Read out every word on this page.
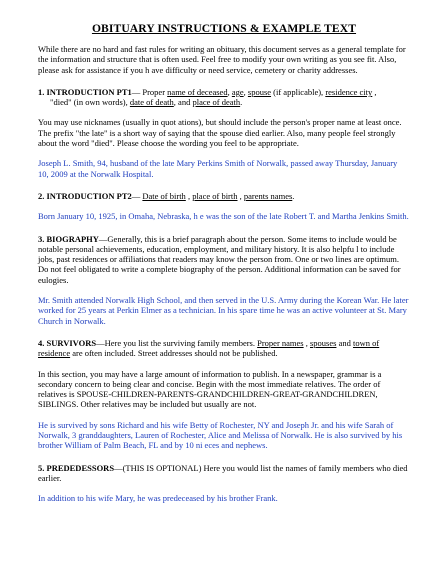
OBITUARY INSTRUCTIONS & EXAMPLE TEXT

While there are no hard and fast rules for writing an obituary, this document serves as a general template for the information and structure that is often used. Feel free to modify your own writing as you see fit. Also, please ask for assistance if you h ave difficulty or need service, cemetery or charity addresses.

1. INTRODUCTION PT1— Proper name of deceased, age, spouse (if applicable), residence city ,
"died" (in own words), date of death, and place of death.

You may use nicknames (usually in quot ations), but should include the person's proper name at least once. The prefix "the late" is a short way of saying that the spouse died earlier. Also, many people feel strongly about the word "died". Please choose the wording you feel to be appropriate.

Joseph L. Smith, 94, husband of the late Mary Perkins Smith of Norwalk, passed away Thursday, January 10, 2009 at the Norwalk Hospital.

2. INTRODUCTION PT2— Date of birth , place of birth , parents names.

Born January 10, 1925, in Omaha, Nebraska, h e was the son of the late Robert T. and Martha Jenkins Smith.

3. BIOGRAPHY—Generally, this is a brief paragraph about the person. Some items to include would be notable personal achievements, education, employment, and military history. It is also helpfu l to include jobs, past residences or affiliations that readers may know the person from. One or two lines are optimum. Do not feel obligated to write a complete biography of the person. Additional information can be saved for eulogies.

Mr. Smith attended Norwalk High School, and then served in the U.S. Army during the Korean War. He later worked for 25 years at Perkin Elmer as a technician. In his spare time he was an active volunteer at St. Mary Church in Norwalk.

4. SURVIVORS—Here you list the surviving family members. Proper names , spouses and town of residence are often included. Street addresses should not be published.

In this section, you may have a large amount of information to publish. In a newspaper, grammar is a secondary concern to being clear and concise. Begin with the most immediate relatives. The order of relatives is SPOUSE-CHILDREN-PARENTS-GRANDCHILDREN-GREAT-GRANDCHILDREN, SIBLINGS. Other relatives may be included but usually are not.

He is survived by sons Richard and his wife Betty of Rochester, NY and Joseph Jr. and his wife Sarah of Norwalk, 3 granddaughters, Lauren of Rochester, Alice and Melissa of Norwalk. He is also survived by his brother William of Palm Beach, FL and by 10 ni eces and nephews.

5. PREDEDESSORS—(THIS IS OPTIONAL) Here you would list the names of family members who died earlier.

In addition to his wife Mary, he was predeceased by his brother Frank.
